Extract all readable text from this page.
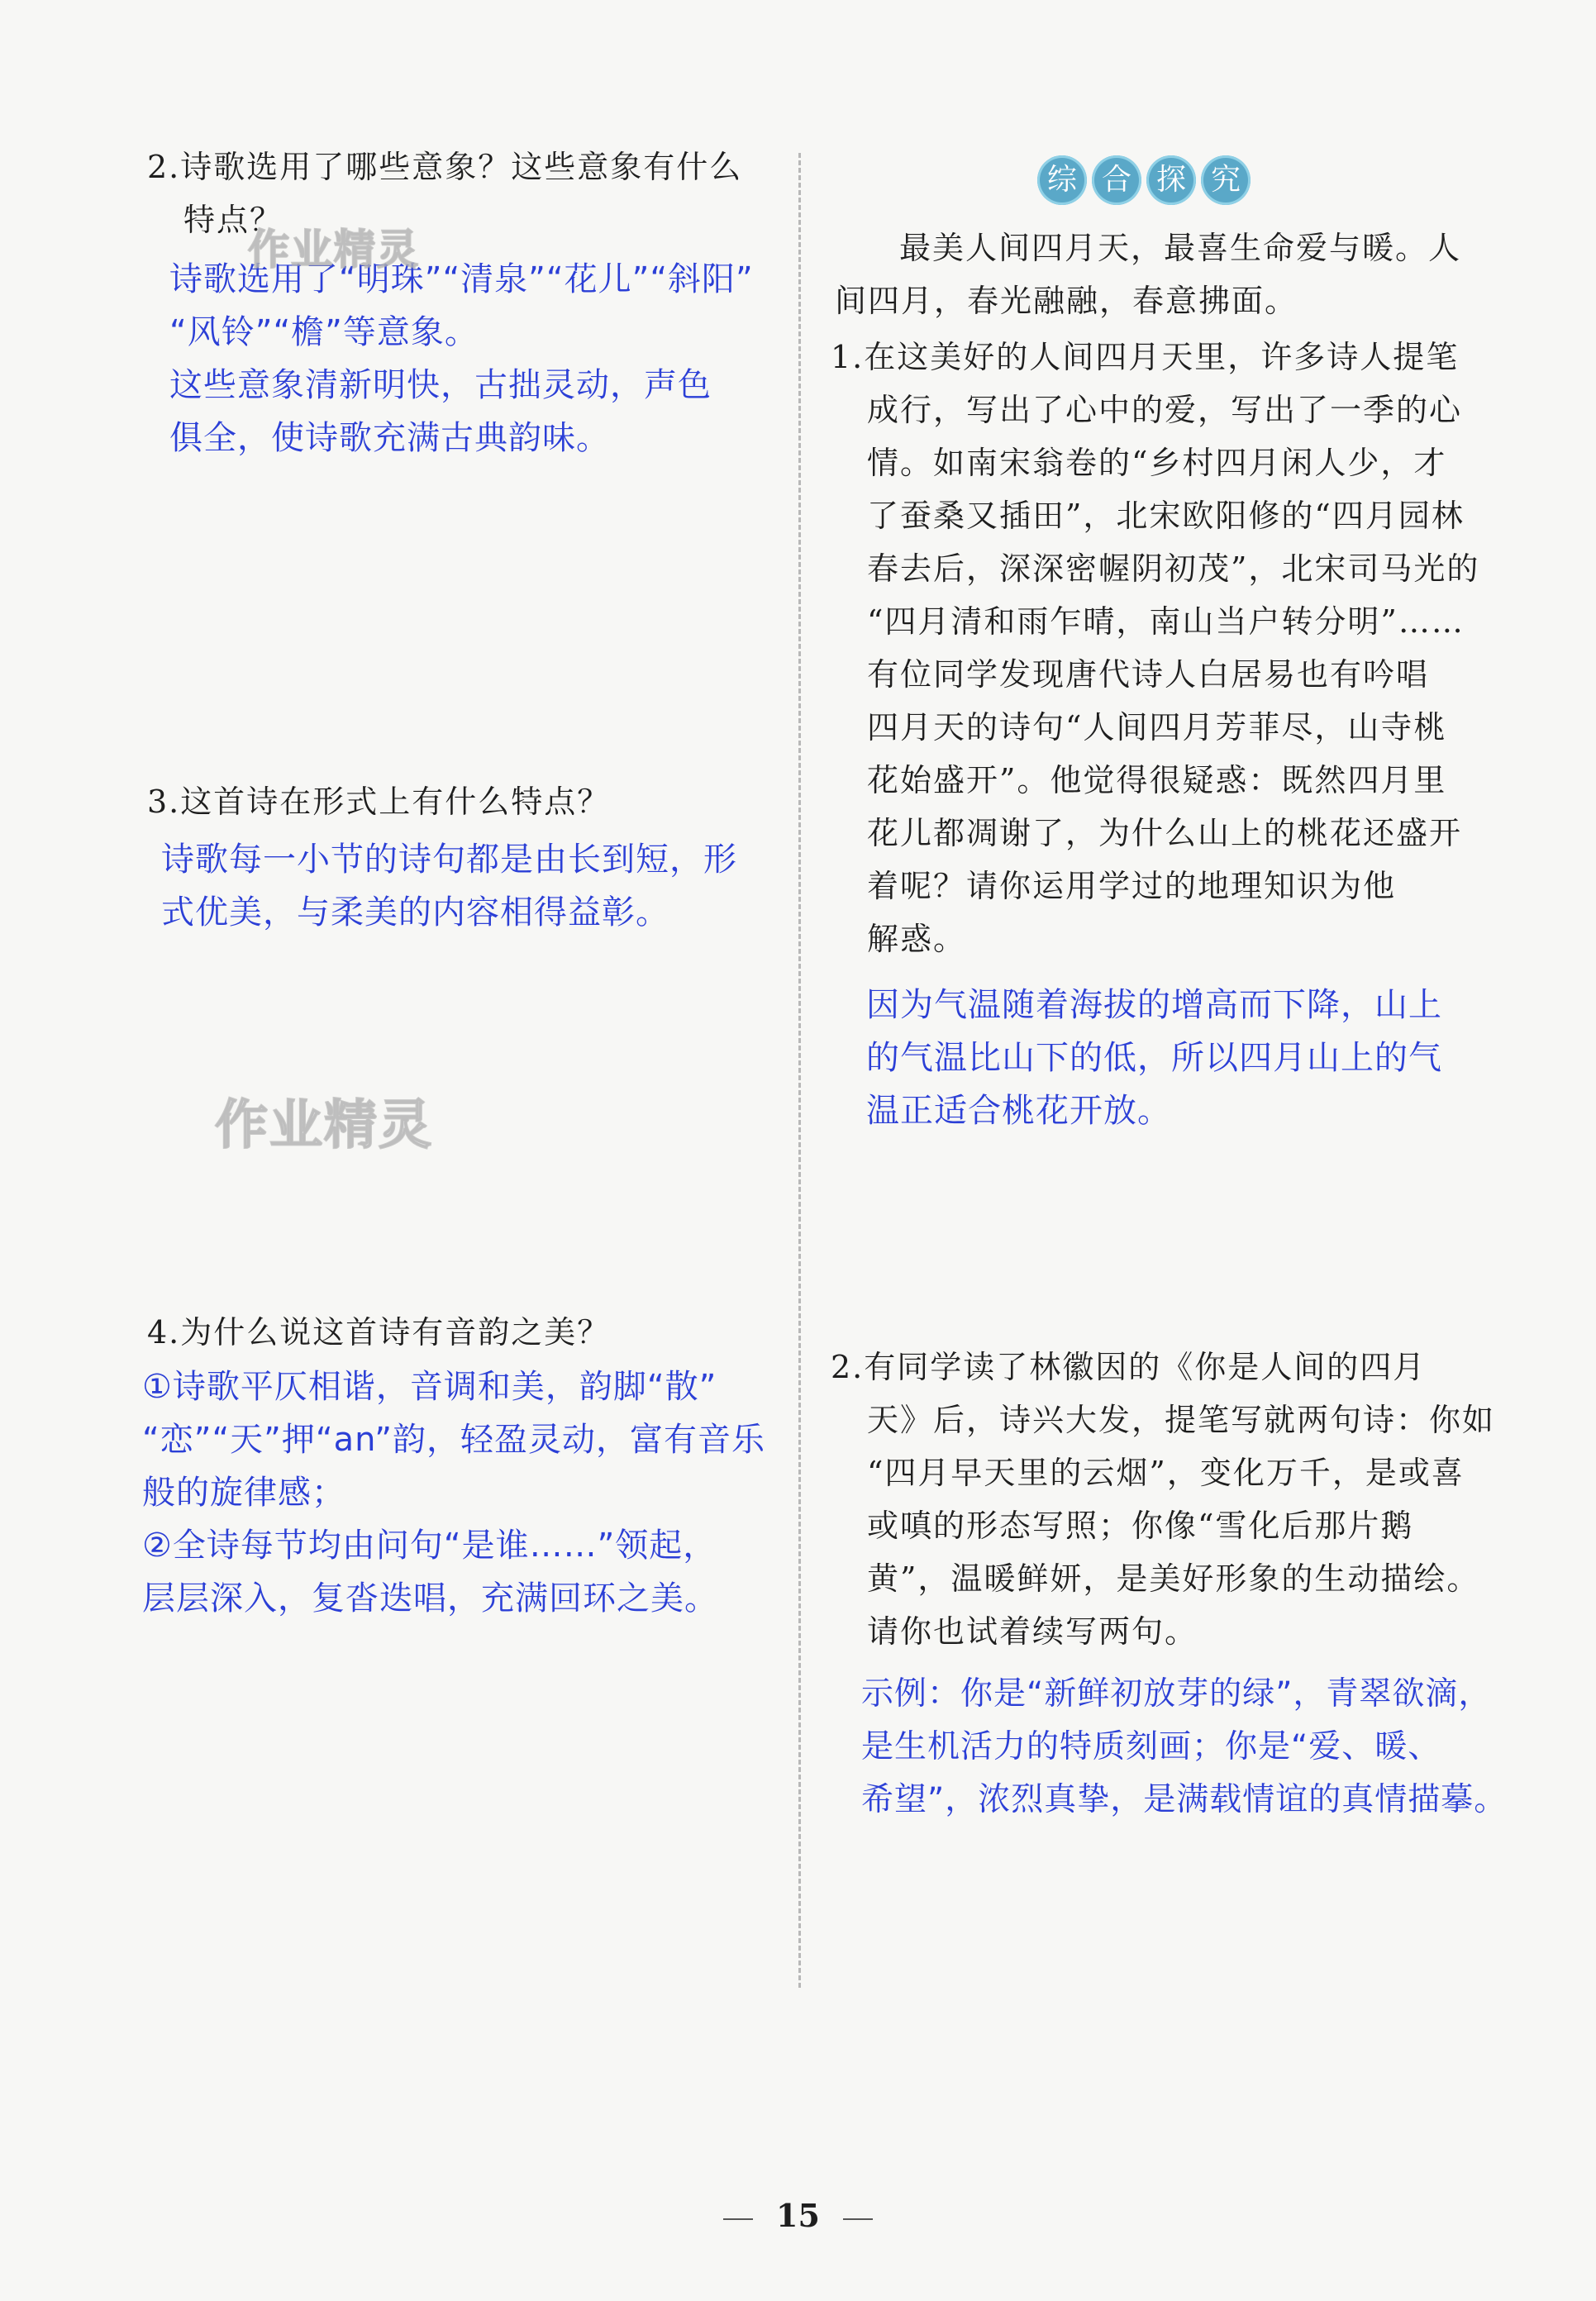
2.诗歌选用了哪些意象？这些意象有什么
特点？
诗歌选用了“明珠”“清泉”“花儿”“斜阳”
“风铃”“檐”等意象。
这些意象清新明快，古拙灵动，声色
俱全，使诗歌充满古典韵味。
作业精灵
3.这首诗在形式上有什么特点？
诗歌每一小节的诗句都是由长到短，形
式优美，与柔美的内容相得益彰。
作业精灵
4.为什么说这首诗有音韵之美？
①诗歌平仄相谐，音调和美，韵脚“散”
“恋”“天”押“an”韵，轻盈灵动，富有音乐
般的旋律感；
②全诗每节均由问句“是谁……”领起，
层层深入，复沓迭唱，充满回环之美。
综 合 探 究
最美人间四月天，最喜生命爱与暖。人
间四月，春光融融，春意拂面。
1.在这美好的人间四月天里，许多诗人提笔
成行，写出了心中的爱，写出了一季的心
情。如南宋翁卷的“乡村四月闲人少，才
了蚕桑又插田”，北宋欧阳修的“四月园林
春去后，深深密幄阴初茂”，北宋司马光的
“四月清和雨乍晴，南山当户转分明”……
有位同学发现唐代诗人白居易也有吟唱
四月天的诗句“人间四月芳菲尽，山寺桃
花始盛开”。他觉得很疑惑：既然四月里
花儿都凋谢了，为什么山上的桃花还盛开
着呢？请你运用学过的地理知识为他
解惑。
因为气温随着海拔的增高而下降，山上
的气温比山下的低，所以四月山上的气
温正适合桃花开放。
2.有同学读了林徽因的《你是人间的四月
天》后，诗兴大发，提笔写就两句诗：你如
“四月早天里的云烟”，变化万千，是或喜
或嗔的形态写照；你像“雪化后那片鹅
黄”，温暖鲜妍，是美好形象的生动描绘。
请你也试着续写两句。
示例：你是“新鲜初放芽的绿”，青翠欲滴，
是生机活力的特质刻画；你是“爱、暖、
希望”，浓烈真挚，是满载情谊的真情描摹。
15
